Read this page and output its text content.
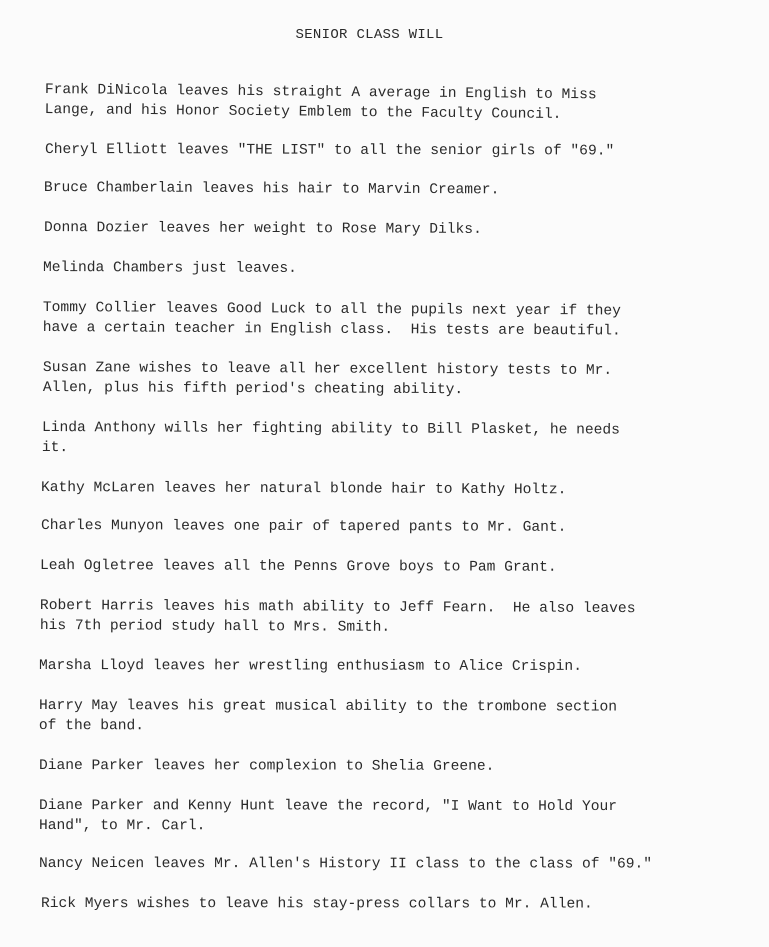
SENIOR CLASS WILL
Frank DiNicola leaves his straight A average in English to Miss
Lange, and his Honor Society Emblem to the Faculty Council.
Cheryl Elliott leaves "THE LIST" to all the senior girls of "69."
Bruce Chamberlain leaves his hair to Marvin Creamer.
Donna Dozier leaves her weight to Rose Mary Dilks.
Melinda Chambers just leaves.
Tommy Collier leaves Good Luck to all the pupils next year if they
have a certain teacher in English class.  His tests are beautiful.
Susan Zane wishes to leave all her excellent history tests to Mr.
Allen, plus his fifth period's cheating ability.
Linda Anthony wills her fighting ability to Bill Plasket, he needs
it.
Kathy McLaren leaves her natural blonde hair to Kathy Holtz.
Charles Munyon leaves one pair of tapered pants to Mr. Gant.
Leah Ogletree leaves all the Penns Grove boys to Pam Grant.
Robert Harris leaves his math ability to Jeff Fearn.  He also leaves
his 7th period study hall to Mrs. Smith.
Marsha Lloyd leaves her wrestling enthusiasm to Alice Crispin.
Harry May leaves his great musical ability to the trombone section
of the band.
Diane Parker leaves her complexion to Shelia Greene.
Diane Parker and Kenny Hunt leave the record, "I Want to Hold Your
Hand", to Mr. Carl.
Nancy Neicen leaves Mr. Allen's History II class to the class of "69."
Rick Myers wishes to leave his stay-press collars to Mr. Allen.
